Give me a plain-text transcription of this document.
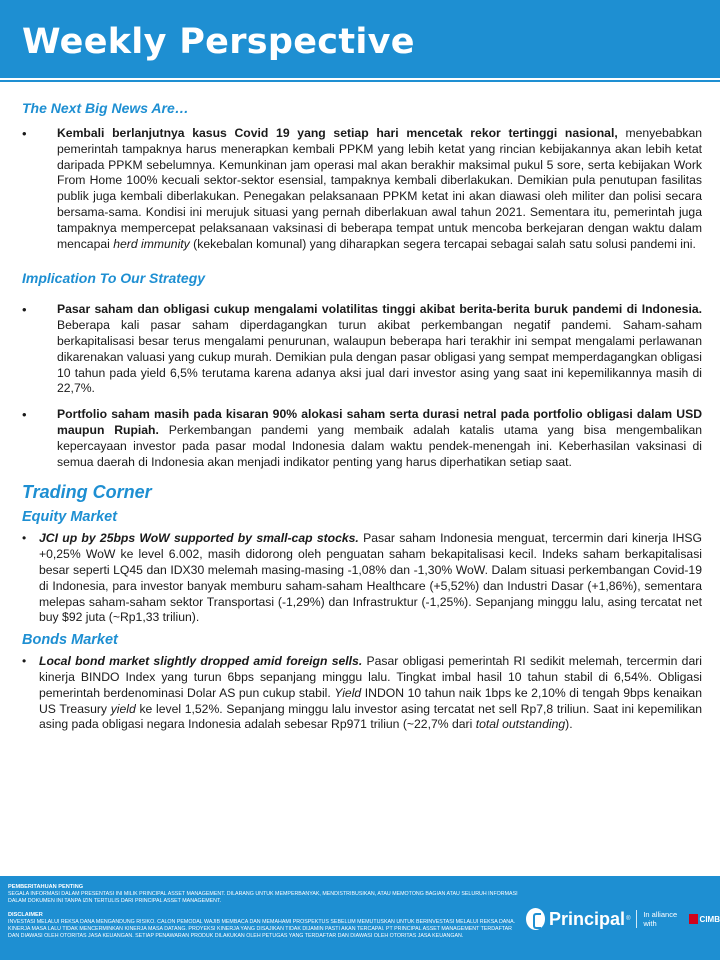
Weekly Perspective
The Next Big News Are…
• Kembali berlanjutnya kasus Covid 19 yang setiap hari mencetak rekor tertinggi nasional, menyebabkan pemerintah tampaknya harus menerapkan kembali PPKM yang lebih ketat yang rincian kebijakannya akan lebih ketat daripada PPKM sebelumnya. Kemunkinan jam operasi mal akan berakhir maksimal pukul 5 sore, serta kebijakan Work From Home 100% kecuali sektor-sektor esensial, tampaknya kembali diberlakukan. Demikian pula penutupan fasilitas publik juga kembali diberlakukan. Penegakan pelaksanaan PPKM ketat ini akan diawasi oleh militer dan polisi secara bersama-sama. Kondisi ini merujuk situasi yang pernah diberlakuan awal tahun 2021. Sementara itu, pemerintah juga tampaknya mempercepat pelaksanaan vaksinasi di beberapa tempat untuk mencoba berkejaran dengan waktu dalam mencapai herd immunity (kekebalan komunal) yang diharapkan segera tercapai sebagai salah satu solusi pandemi ini.
Implication To Our Strategy
• Pasar saham dan obligasi cukup mengalami volatilitas tinggi akibat berita-berita buruk pandemi di Indonesia. Beberapa kali pasar saham diperdagangkan turun akibat perkembangan negatif pandemi. Saham-saham berkapitalisasi besar terus mengalami penurunan, walaupun beberapa hari terakhir ini sempat mengalami perlawanan dikarenakan valuasi yang cukup murah. Demikian pula dengan pasar obligasi yang sempat memperdagangkan obligasi 10 tahun pada yield 6,5% terutama karena adanya aksi jual dari investor asing yang saat ini kepemilikannya masih di 22,7%.
• Portfolio saham masih pada kisaran 90% alokasi saham serta durasi netral pada portfolio obligasi dalam USD maupun Rupiah. Perkembangan pandemi yang membaik adalah katalis utama yang bisa mengembalikan kepercayaan investor pada pasar modal Indonesia dalam waktu pendek-menengah ini. Keberhasilan vaksinasi di semua daerah di Indonesia akan menjadi indikator penting yang harus diperhatikan setiap saat.
Trading Corner
Equity Market
• JCI up by 25bps WoW supported by small-cap stocks. Pasar saham Indonesia menguat, tercermin dari kinerja IHSG +0,25% WoW ke level 6.002, masih didorong oleh penguatan saham bekapitalisasi kecil. Indeks saham berkapitalisasi besar seperti LQ45 dan IDX30 melemah masing-masing -1,08% dan -1,30% WoW. Dalam situasi perkembangan Covid-19 di Indonesia, para investor banyak memburu saham-saham Healthcare (+5,52%) dan Industri Dasar (+1,86%), sementara melepas saham-saham sektor Transportasi (-1,29%) dan Infrastruktur (-1,25%). Sepanjang minggu lalu, asing tercatat net buy $92 juta (~Rp1,33 triliun).
Bonds Market
• Local bond market slightly dropped amid foreign sells. Pasar obligasi pemerintah RI sedikit melemah, tercermin dari kinerja BINDO Index yang turun 6bps sepanjang minggu lalu. Tingkat imbal hasil 10 tahun stabil di 6,54%. Obligasi pemerintah berdenominasi Dolar AS pun cukup stabil. Yield INDON 10 tahun naik 1bps ke 2,10% di tengah 9bps kenaikan US Treasury yield ke level 1,52%. Sepanjang minggu lalu investor asing tercatat net sell Rp7,8 triliun. Saat ini kepemilikan asing pada obligasi negara Indonesia adalah sebesar Rp971 triliun (~22,7% dari total outstanding).
PEMBERITAHUAN PENTING
SEGALA INFORMASI DALAM PRESENTASI INI MILIK PRINCIPAL ASSET MANAGEMENT. DILARANG UNTUK MEMPERBANYAK, MENDISTRIBUSIKAN, ATAU MEMOTONG BAGIAN ATAU SELURUH INFORMASI DALAM DOKUMEN INI TANPA IZIN TERTULIS DARI PRINCIPAL ASSET MANAGEMENT.
DISCLAIMER
INVESTASI MELALUI REKSA DANA MENGANDUNG RISIKO. CALON PEMODAL WAJIB MEMBACA DAN MEMAHAMI PROSPEKTUS SEBELUM MEMUTUSKAN UNTUK BERINVESTASI MELALUI REKSA DANA. KINERJA MASA LALU TIDAK MENCERMINKAN KINERJA MASA DATANG. PROYEKSI KINERJA YANG DISAJIKAN TIDAK DIJAMIN PASTI AKAN TERCAPAI. PT PRINCIPAL ASSET MANAGEMENT TERDAFTAR DAN DIAWASI OLEH OTORITAS JASA KEUANGAN. SETIAP PENAWARAN PRODUK DILAKUKAN OLEH PETUGAS YANG TERDAFTAR DAN DIAWASI OLEH OTORITAS JASA KEUANGAN.
Principal ® In alliance with	CIMB
